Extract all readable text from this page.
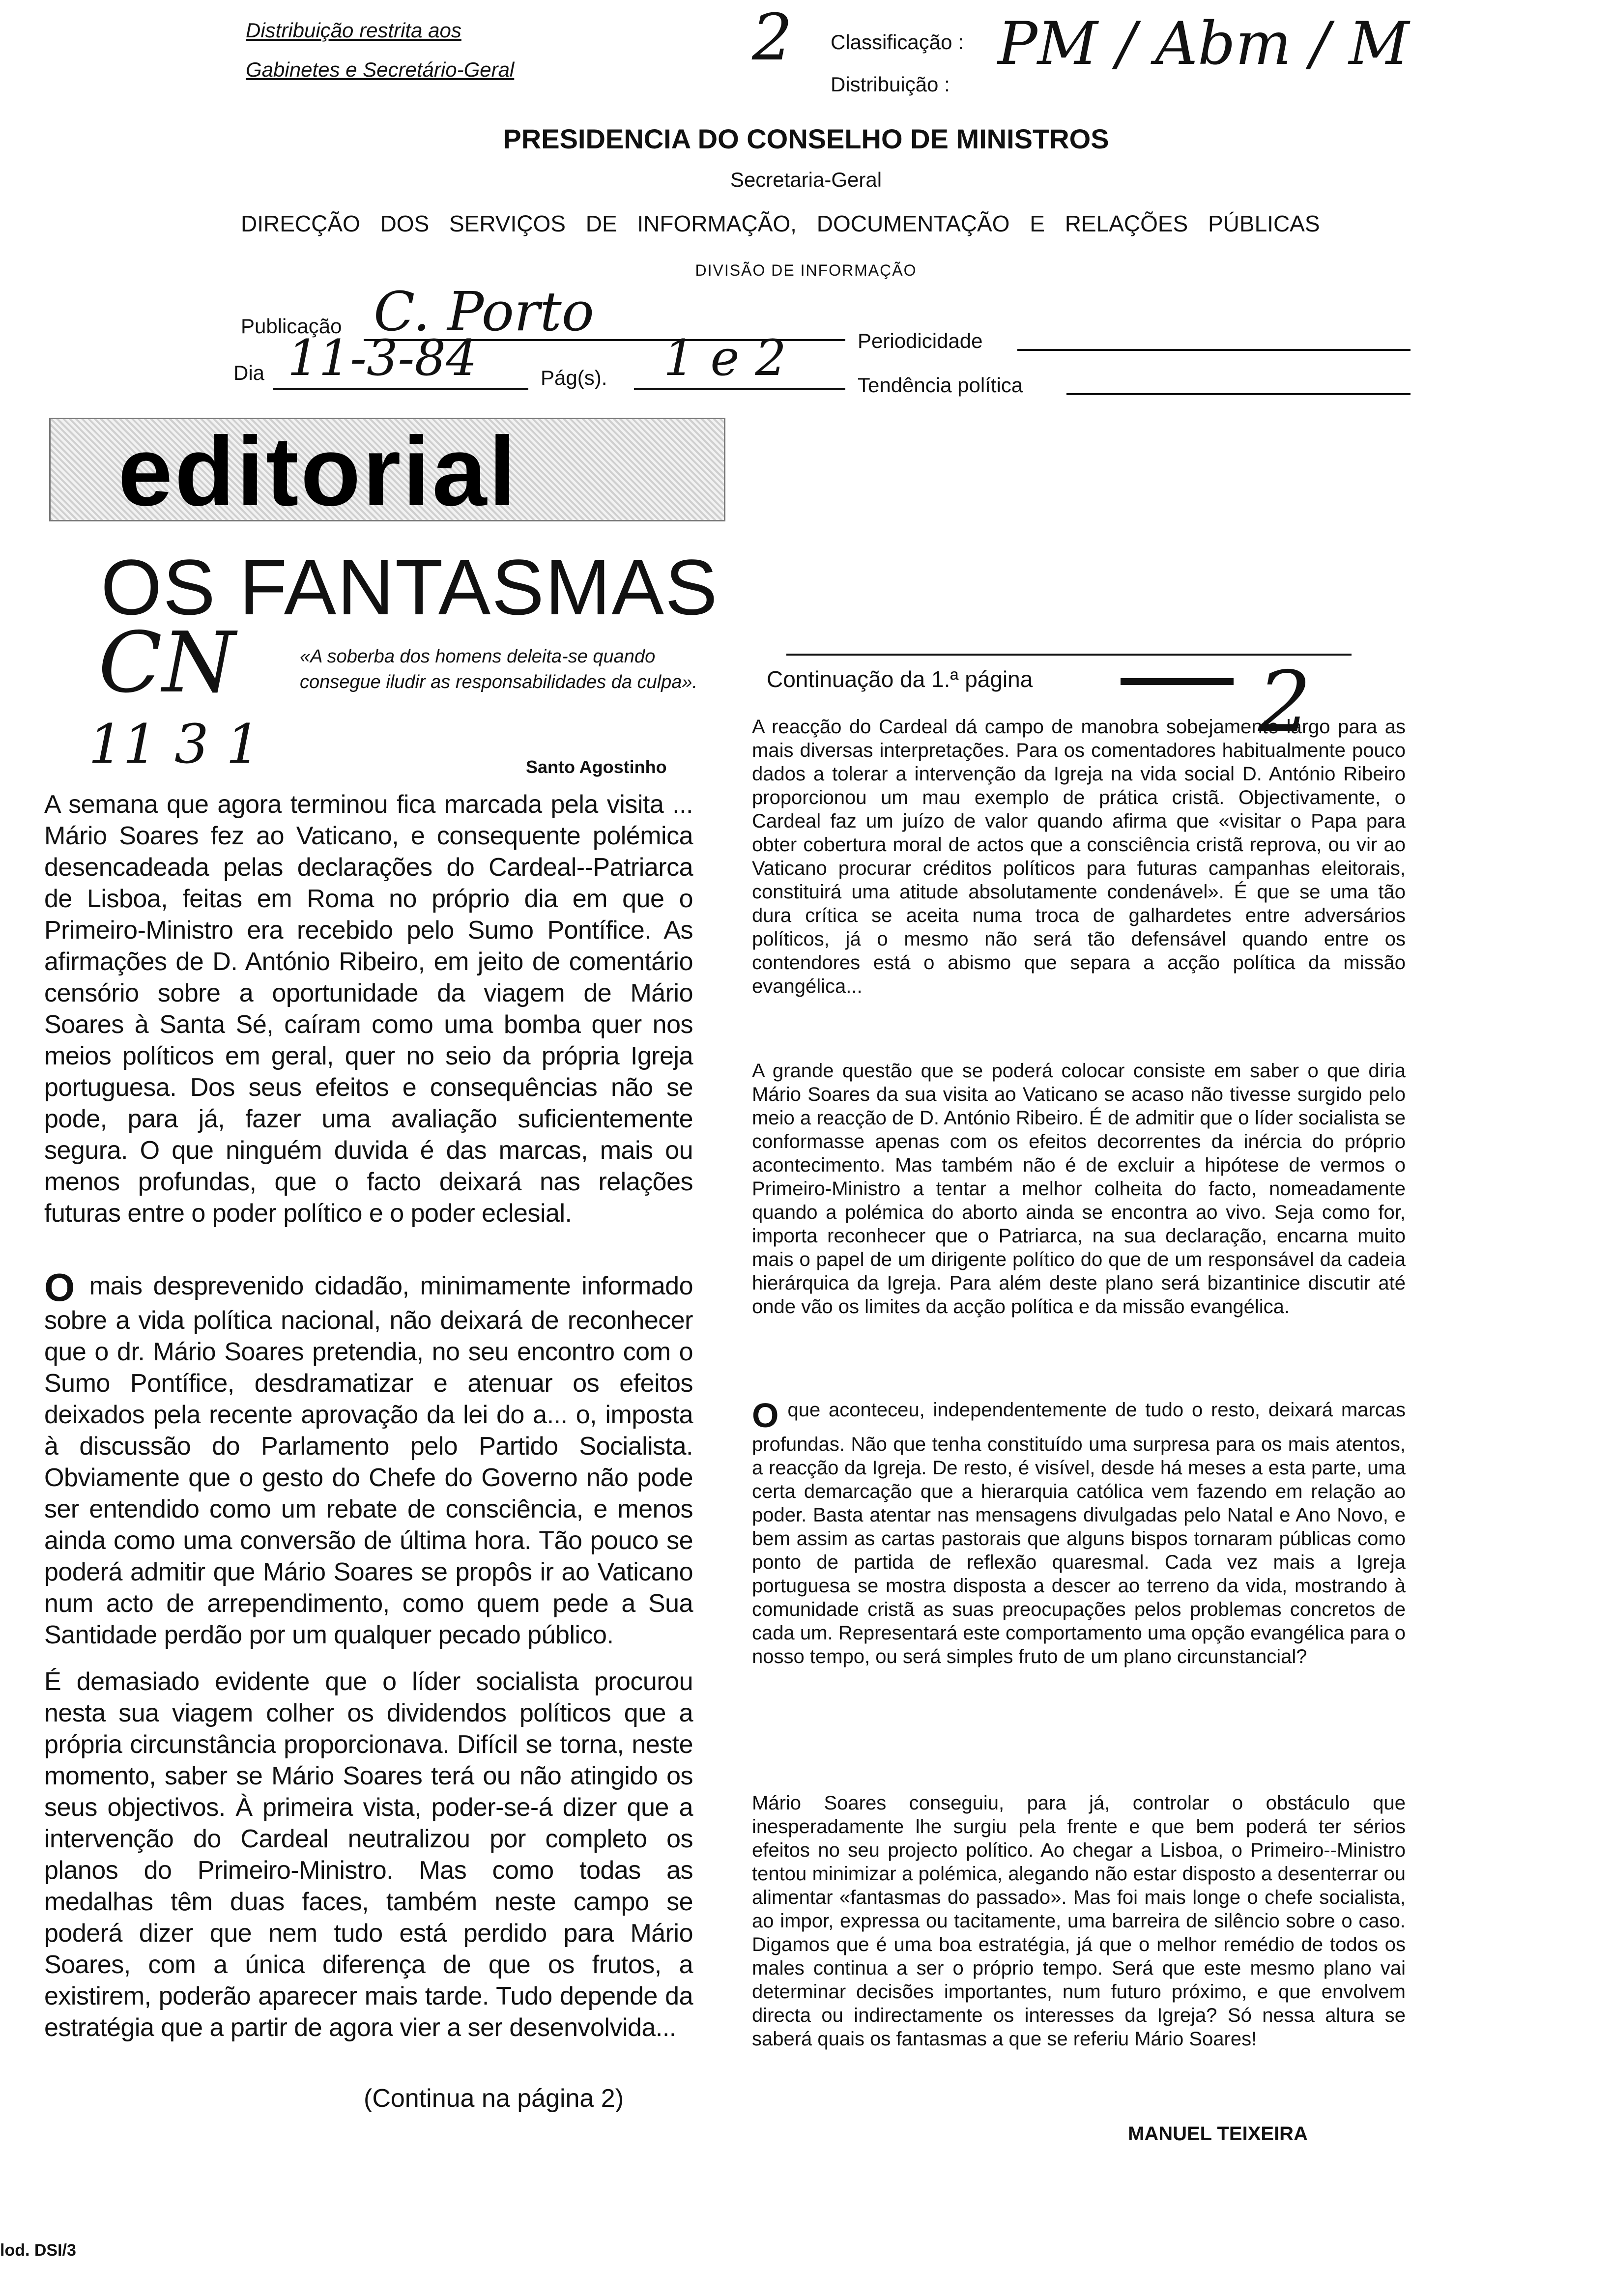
Distribuição restrita aos
Gabinetes e Secretário-Geral	2 Classificação : PM / Abm / M
Distribuição :
PRESIDENCIA DO CONSELHO DE MINISTROS
Secretaria-Geral
DIRECÇÃO DOS SERVIÇOS DE INFORMAÇÃO, DOCUMENTAÇÃO E RELAÇÕES PÚBLICAS
DIVISÃO DE INFORMAÇÃO
Publicação C. Porto	Periodicidade
Dia 11-3-84	Pág(s). 1 e 2	Tendência política
editorial
OS FANTASMAS
CN
11 3 1
«A soberba dos homens deleita-se quando consegue iludir as responsabilidades da culpa».
Santo Agostinho
A semana que agora terminou fica marcada pela visita ... Mário Soares fez ao Vaticano, e consequente polémica desencadeada pelas declarações do Cardeal--Patriarca de Lisboa, feitas em Roma no próprio dia em que o Primeiro-Ministro era recebido pelo Sumo Pontífice. As afirmações de D. António Ribeiro, em jeito de comentário censório sobre a oportunidade da viagem de Mário Soares à Santa Sé, caíram como uma bomba quer nos meios políticos em geral, quer no seio da própria Igreja portuguesa. Dos seus efeitos e consequências não se pode, para já, fazer uma avaliação suficientemente segura. O que ninguém duvida é das marcas, mais ou menos profundas, que o facto deixará nas relações futuras entre o poder político e o poder eclesial.
Omais desprevenido cidadão, minimamente informado sobre a vida política nacional, não deixará de reconhecer que o dr. Mário Soares pretendia, no seu encontro com o Sumo Pontífice, desdramatizar e atenuar os efeitos deixados pela recente aprovação da lei do a... o, imposta à discussão do Parlamento pelo Partido Socialista. Obviamente que o gesto do Chefe do Governo não pode ser entendido como um rebate de consciência, e menos ainda como uma conversão de última hora. Tão pouco se poderá admitir que Mário Soares se propôs ir ao Vaticano num acto de arrependimento, como quem pede a Sua Santidade perdão por um qualquer pecado público.
É demasiado evidente que o líder socialista procurou nesta sua viagem colher os dividendos políticos que a própria circunstância proporcionava. Difícil se torna, neste momento, saber se Mário Soares terá ou não atingido os seus objectivos. À primeira vista, poder-se-á dizer que a intervenção do Cardeal neutralizou por completo os planos do Primeiro-Ministro. Mas como todas as medalhas têm duas faces, também neste campo se poderá dizer que nem tudo está perdido para Mário Soares, com a única diferença de que os frutos, a existirem, poderão aparecer mais tarde. Tudo depende da estratégia que a partir de agora vier a ser desenvolvida...
(Continua na página 2)
Continuação da 1.ª página	2
A reacção do Cardeal dá campo de manobra sobejamente largo para as mais diversas interpretações. Para os comentadores habitualmente pouco dados a tolerar a intervenção da Igreja na vida social D. António Ribeiro proporcionou um mau exemplo de prática cristã. Objectivamente, o Cardeal faz um juízo de valor quando afirma que «visitar o Papa para obter cobertura moral de actos que a consciência cristã reprova, ou vir ao Vaticano procurar créditos políticos para futuras campanhas eleitorais, constituirá uma atitude absolutamente condenável». É que se uma tão dura crítica se aceita numa troca de galhardetes entre adversários políticos, já o mesmo não será tão defensável quando entre os contendores está o abismo que separa a acção política da missão evangélica...
A grande questão que se poderá colocar consiste em saber o que diria Mário Soares da sua visita ao Vaticano se acaso não tivesse surgido pelo meio a reacção de D. António Ribeiro. É de admitir que o líder socialista se conformasse apenas com os efeitos decorrentes da inércia do próprio acontecimento. Mas também não é de excluir a hipótese de vermos o Primeiro-Ministro a tentar a melhor colheita do facto, nomeadamente quando a polémica do aborto ainda se encontra ao vivo. Seja como for, importa reconhecer que o Patriarca, na sua declaração, encarna muito mais o papel de um dirigente político do que de um responsável da cadeia hierárquica da Igreja. Para além deste plano será bizantinice discutir até onde vão os limites da acção política e da missão evangélica.
Oque aconteceu, independentemente de tudo o resto, deixará marcas profundas. Não que tenha constituído uma surpresa para os mais atentos, a reacção da Igreja. De resto, é visível, desde há meses a esta parte, uma certa demarcação que a hierarquia católica vem fazendo em relação ao poder. Basta atentar nas mensagens divulgadas pelo Natal e Ano Novo, e bem assim as cartas pastorais que alguns bispos tornaram públicas como ponto de partida de reflexão quaresmal. Cada vez mais a Igreja portuguesa se mostra disposta a descer ao terreno da vida, mostrando à comunidade cristã as suas preocupações pelos problemas concretos de cada um. Representará este comportamento uma opção evangélica para o nosso tempo, ou será simples fruto de um plano circunstancial?
Mário Soares conseguiu, para já, controlar o obstáculo que inesperadamente lhe surgiu pela frente e que bem poderá ter sérios efeitos no seu projecto político. Ao chegar a Lisboa, o Primeiro--Ministro tentou minimizar a polémica, alegando não estar disposto a desenterrar ou alimentar «fantasmas do passado». Mas foi mais longe o chefe socialista, ao impor, expressa ou tacitamente, uma barreira de silêncio sobre o caso. Digamos que é uma boa estratégia, já que o melhor remédio de todos os males continua a ser o próprio tempo. Será que este mesmo plano vai determinar decisões importantes, num futuro próximo, e que envolvem directa ou indirectamente os interesses da Igreja? Só nessa altura se saberá quais os fantasmas a que se referiu Mário Soares!
MANUEL TEIXEIRA
lod. DSI/3
